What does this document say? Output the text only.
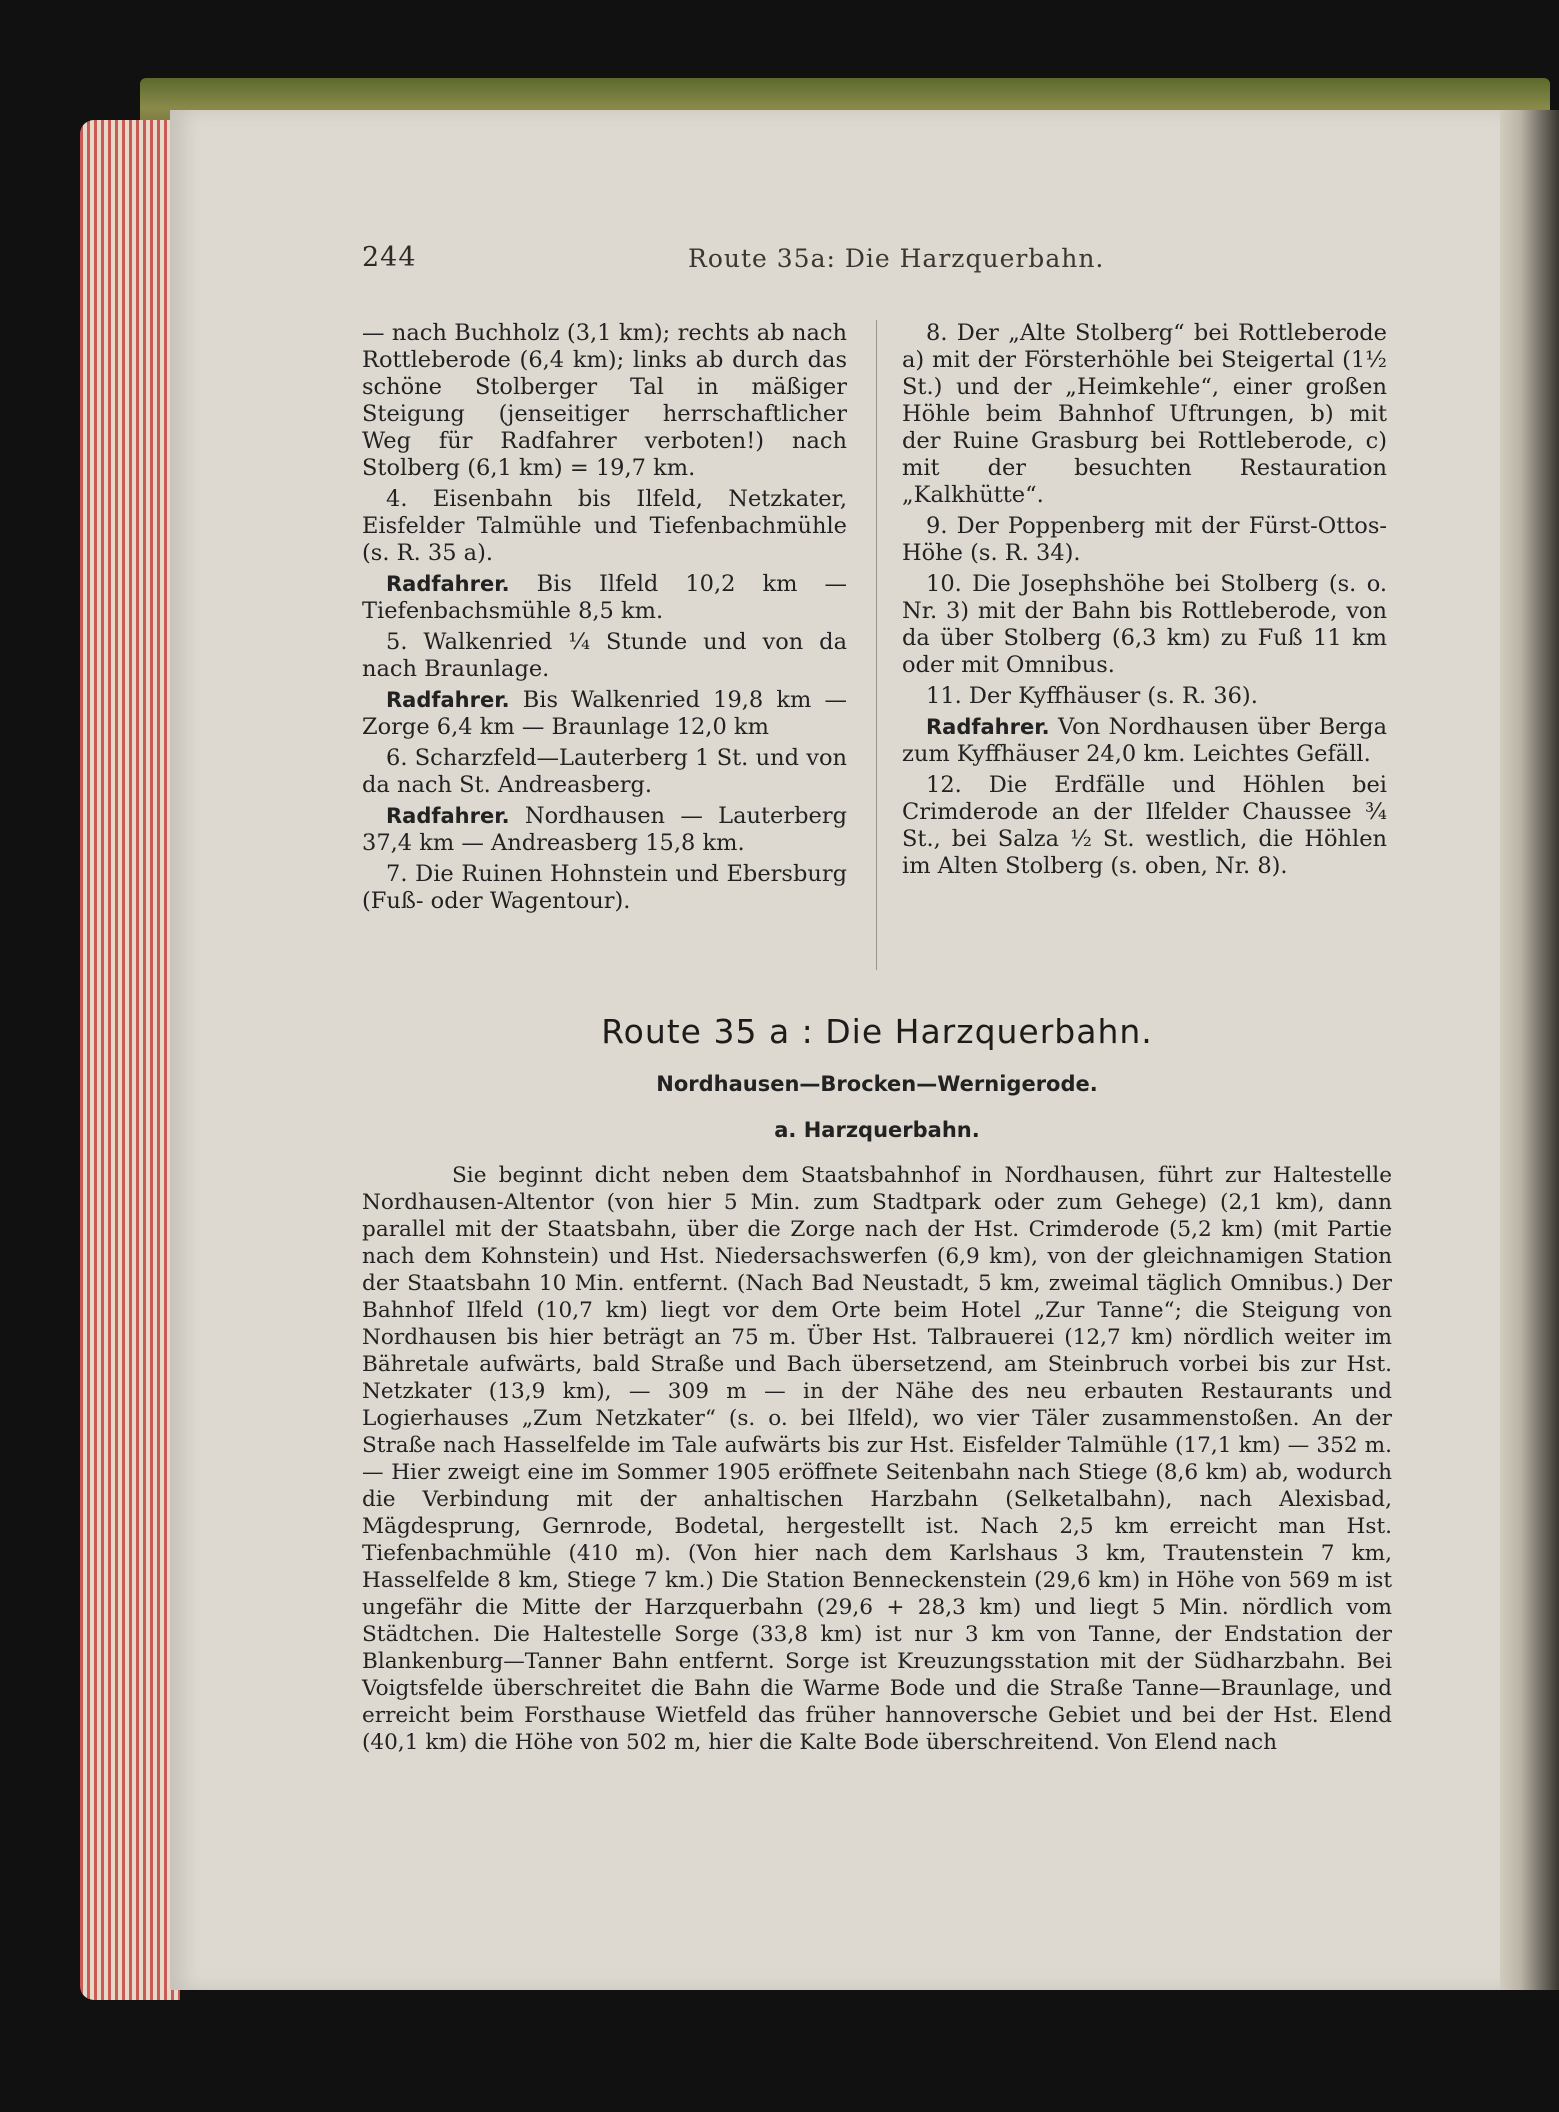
244	Route 35a: Die Harzquerbahn.

— nach Buchholz (3,1 km); rechts ab nach Rottleberode (6,4 km); links ab durch das schöne Stolberger Tal in mäßiger Steigung (jenseitiger herrschaftlicher Weg für Radfahrer verboten!) nach Stolberg (6,1 km) = 19,7 km.

4. Eisenbahn bis Ilfeld, Netzkater, Eisfelder Talmühle und Tiefenbachmühle (s. R. 35 a).

Radfahrer. Bis Ilfeld 10,2 km — Tiefenbachsmühle 8,5 km.

5. Walkenried ¼ Stunde und von da nach Braunlage.

Radfahrer. Bis Walkenried 19,8 km — Zorge 6,4 km — Braunlage 12,0 km

6. Scharzfeld—Lauterberg 1 St. und von da nach St. Andreasberg.

Radfahrer. Nordhausen — Lauterberg 37,4 km — Andreasberg 15,8 km.

7. Die Ruinen Hohnstein und Ebersburg (Fuß- oder Wagentour).

8. Der „Alte Stolberg“ bei Rottleberode a) mit der Försterhöhle bei Steigertal (1½ St.) und der „Heimkehle“, einer großen Höhle beim Bahnhof Uftrungen, b) mit der Ruine Grasburg bei Rottleberode, c) mit der besuchten Restauration „Kalkhütte“.

9. Der Poppenberg mit der Fürst-Ottos-Höhe (s. R. 34).

10. Die Josephshöhe bei Stolberg (s. o. Nr. 3) mit der Bahn bis Rottleberode, von da über Stolberg (6,3 km) zu Fuß 11 km oder mit Omnibus.

11. Der Kyffhäuser (s. R. 36).

Radfahrer. Von Nordhausen über Berga zum Kyffhäuser 24,0 km. Leichtes Gefäll.

12. Die Erdfälle und Höhlen bei Crimderode an der Ilfelder Chaussee ¾ St., bei Salza ½ St. westlich, die Höhlen im Alten Stolberg (s. oben, Nr. 8).

Route 35 a : Die Harzquerbahn.
Nordhausen—Brocken—Wernigerode.
a. Harzquerbahn.
Sie beginnt dicht neben dem Staatsbahnhof in Nordhausen, führt zur Haltestelle Nordhausen-Altentor (von hier 5 Min. zum Stadtpark oder zum Gehege) (2,1 km), dann parallel mit der Staatsbahn, über die Zorge nach der Hst. Crimderode (5,2 km) (mit Partie nach dem Kohnstein) und Hst. Niedersachswerfen (6,9 km), von der gleichnamigen Station der Staatsbahn 10 Min. entfernt. (Nach Bad Neustadt, 5 km, zweimal täglich Omnibus.) Der Bahnhof Ilfeld (10,7 km) liegt vor dem Orte beim Hotel „Zur Tanne“; die Steigung von Nordhausen bis hier beträgt an 75 m. Über Hst. Talbrauerei (12,7 km) nördlich weiter im Bähretale aufwärts, bald Straße und Bach übersetzend, am Steinbruch vorbei bis zur Hst. Netzkater (13,9 km), — 309 m — in der Nähe des neu erbauten Restaurants und Logierhauses „Zum Netzkater“ (s. o. bei Ilfeld), wo vier Täler zusammenstoßen. An der Straße nach Hasselfelde im Tale aufwärts bis zur Hst. Eisfelder Talmühle (17,1 km) — 352 m. — Hier zweigt eine im Sommer 1905 eröffnete Seitenbahn nach Stiege (8,6 km) ab, wodurch die Verbindung mit der anhaltischen Harzbahn (Selketalbahn), nach Alexisbad, Mägdesprung, Gernrode, Bodetal, hergestellt ist. Nach 2,5 km erreicht man Hst. Tiefenbachmühle (410 m). (Von hier nach dem Karlshaus 3 km, Trautenstein 7 km, Hasselfelde 8 km, Stiege 7 km.) Die Station Benneckenstein (29,6 km) in Höhe von 569 m ist ungefähr die Mitte der Harzquerbahn (29,6 + 28,3 km) und liegt 5 Min. nördlich vom Städtchen. Die Haltestelle Sorge (33,8 km) ist nur 3 km von Tanne, der Endstation der Blankenburg—Tanner Bahn entfernt. Sorge ist Kreuzungsstation mit der Südharzbahn. Bei Voigtsfelde überschreitet die Bahn die Warme Bode und die Straße Tanne—Braunlage, und erreicht beim Forsthause Wietfeld das früher hannoversche Gebiet und bei der Hst. Elend (40,1 km) die Höhe von 502 m, hier die Kalte Bode überschreitend. Von Elend nach
